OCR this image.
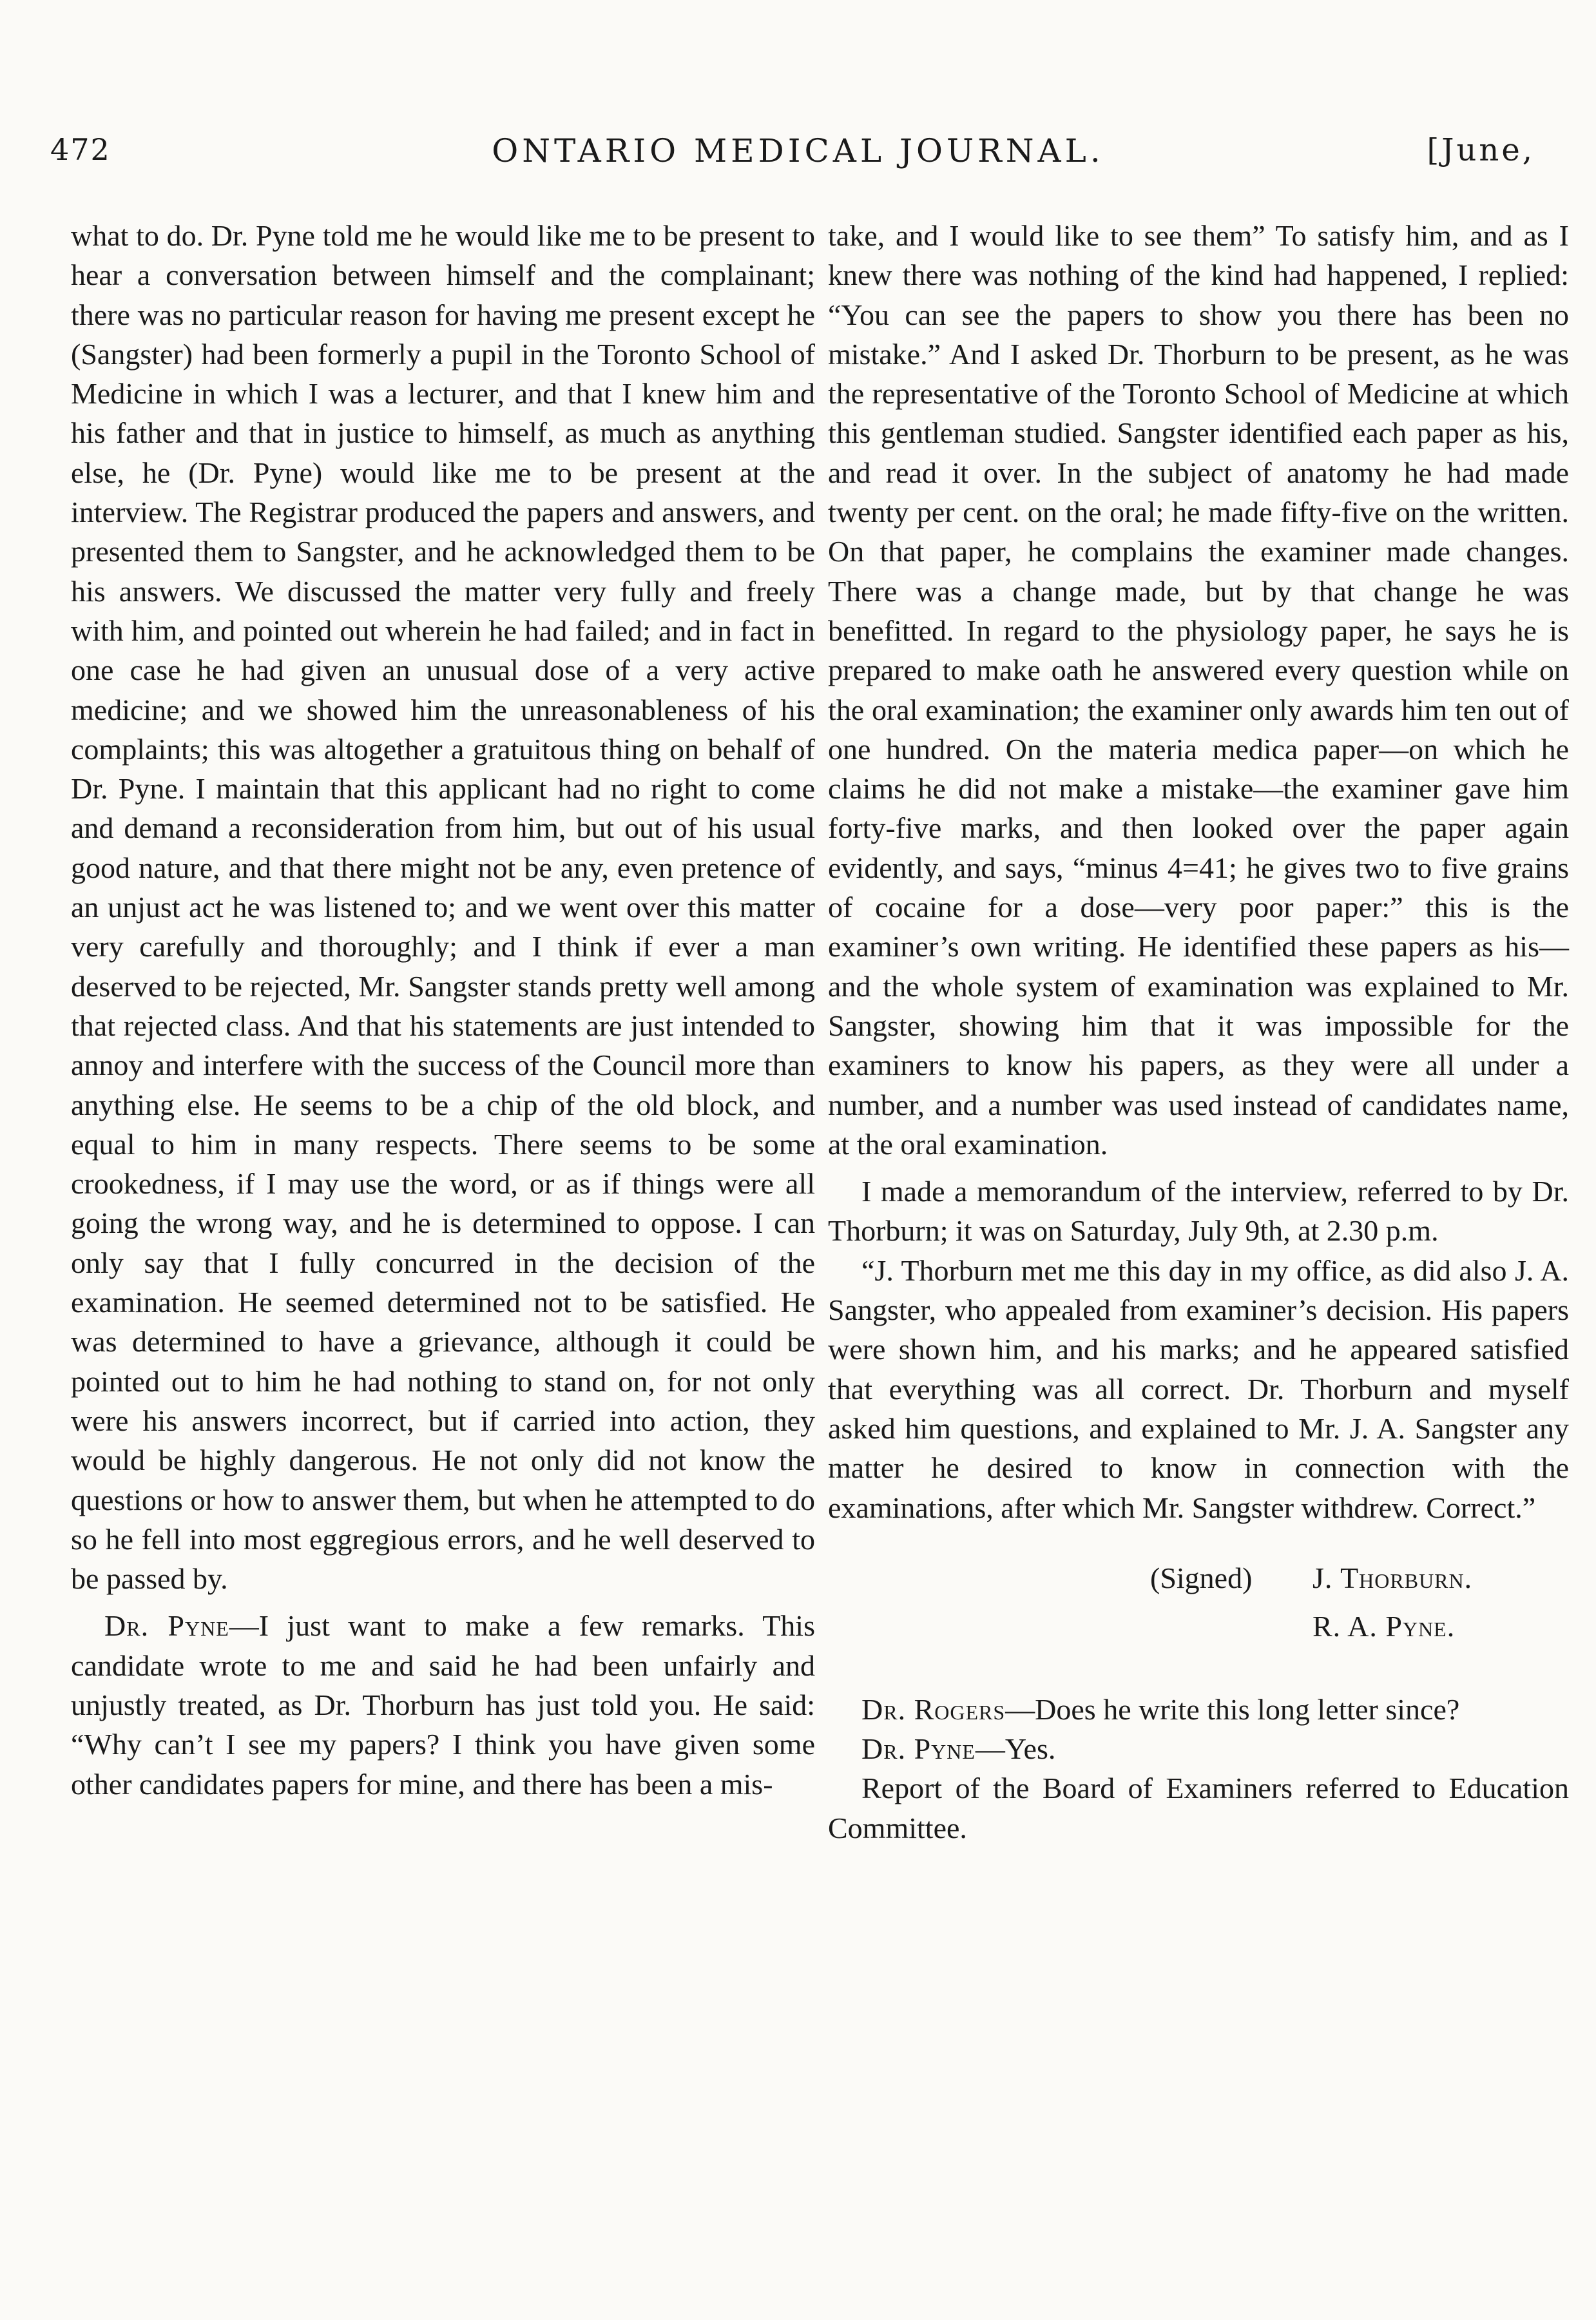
472	ONTARIO MEDICAL JOURNAL.	[June,

what to do. Dr. Pyne told me he would like me to be present to hear a conversation between himself and the complainant; there was no particular reason for having me present except he (Sangster) had been formerly a pupil in the Toronto School of Medicine in which I was a lecturer, and that I knew him and his father and that in justice to himself, as much as anything else, he (Dr. Pyne) would like me to be present at the interview. The Registrar produced the papers and answers, and presented them to Sangster, and he acknowledged them to be his answers. We discussed the matter very fully and freely with him, and pointed out wherein he had failed; and in fact in one case he had given an unusual dose of a very active medicine; and we showed him the unreasonableness of his complaints; this was altogether a gratuitous thing on behalf of Dr. Pyne. I maintain that this applicant had no right to come and demand a reconsideration from him, but out of his usual good nature, and that there might not be any, even pretence of an unjust act he was listened to; and we went over this matter very carefully and thoroughly; and I think if ever a man deserved to be rejected, Mr. Sangster stands pretty well among that rejected class. And that his statements are just intended to annoy and interfere with the success of the Council more than anything else. He seems to be a chip of the old block, and equal to him in many respects. There seems to be some crookedness, if I may use the word, or as if things were all going the wrong way, and he is determined to oppose. I can only say that I fully concurred in the decision of the examination. He seemed determined not to be satisfied. He was determined to have a grievance, although it could be pointed out to him he had nothing to stand on, for not only were his answers incorrect, but if carried into action, they would be highly dangerous. He not only did not know the questions or how to answer them, but when he attempted to do so he fell into most eggregious errors, and he well deserved to be passed by.

Dr. Pyne—I just want to make a few remarks. This candidate wrote to me and said he had been unfairly and unjustly treated, as Dr. Thorburn has just told you. He said: “Why can’t I see my papers? I think you have given some other candidates papers for mine, and there has been a mis-

take, and I would like to see them” To satisfy him, and as I knew there was nothing of the kind had happened, I replied: “You can see the papers to show you there has been no mistake.” And I asked Dr. Thorburn to be present, as he was the representative of the Toronto School of Medicine at which this gentleman studied. Sangster identified each paper as his, and read it over. In the subject of anatomy he had made twenty per cent. on the oral; he made fifty-five on the written. On that paper, he complains the examiner made changes. There was a change made, but by that change he was benefitted. In regard to the physiology paper, he says he is prepared to make oath he answered every question while on the oral examination; the examiner only awards him ten out of one hundred. On the materia medica paper—on which he claims he did not make a mistake—the examiner gave him forty-five marks, and then looked over the paper again evidently, and says, “minus 4=41; he gives two to five grains of cocaine for a dose—very poor paper:” this is the examiner’s own writing. He identified these papers as his—and the whole system of examination was explained to Mr. Sangster, showing him that it was impossible for the examiners to know his papers, as they were all under a number, and a number was used instead of candidates name, at the oral examination.

I made a memorandum of the interview, referred to by Dr. Thorburn; it was on Saturday, July 9th, at 2.30 p.m.

“J. Thorburn met me this day in my office, as did also J. A. Sangster, who appealed from examiner’s decision. His papers were shown him, and his marks; and he appeared satisfied that everything was all correct. Dr. Thorburn and myself asked him questions, and explained to Mr. J. A. Sangster any matter he desired to know in connection with the examinations, after which Mr. Sangster withdrew. Correct.”

(Signed) J. Thorburn.
R. A. Pyne.

Dr. Rogers—Does he write this long letter since?

Dr. Pyne—Yes.

Report of the Board of Examiners referred to Education Committee.
